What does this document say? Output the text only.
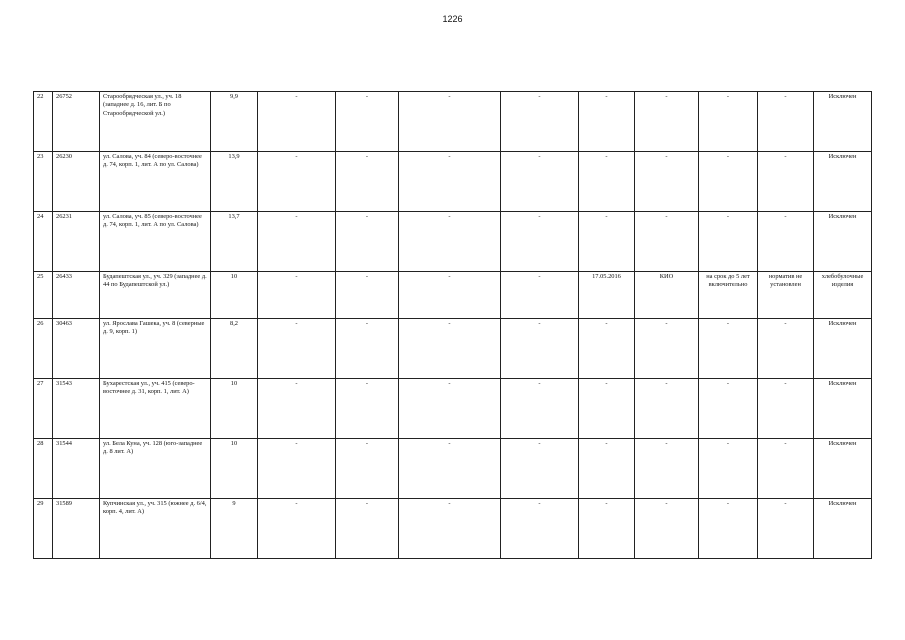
1226
22	26752	Старообрядческая ул., уч. 18 (западнее д. 16, лит. Б по Старообрядческой ул.)	9,9	-	-	-	-	-	-	-	-	Исключен
23	26230	ул. Салова, уч. 84 (северо-восточнее д. 74, корп. 1, лит. А по ул. Салова)	13,9	-	-	-	-	-	-	-	-	Исключен
24	26231	ул. Салова, уч. 85 (северо-восточнее д. 74, корп. 1, лит. А по ул. Салова)	13,7	-	-	-	-	-	-	-	-	Исключен
25	26433	Будапештская ул., уч. 329 (западнее д. 44 по Будапештской ул.)	10	-	-	-	-	17.05.2016	КИО	на срок до 5 лет включительно	норматив не установлен	хлебобулочные изделия
26	30463	ул. Ярослава Гашека, уч. 8 (северные д. 9, корп. 1)	8,2	-	-	-	-	-	-	-	-	Исключен
27	31543	Бухарестская ул., уч. 415 (северо-восточнее д. 31, корп. 1, лит. А)	10	-	-	-	-	-	-	-	-	Исключен
28	31544	ул. Бела Куна, уч. 128 (юго-западнее д. 8 лит. А)	10	-	-	-	-	-	-	-	-	Исключен
29	31589	Купчинская ул., уч. 315 (южнее д. 6/4, корп. 4, лит. А)	9	-	-	-	-	-	-	-	-	Исключен
